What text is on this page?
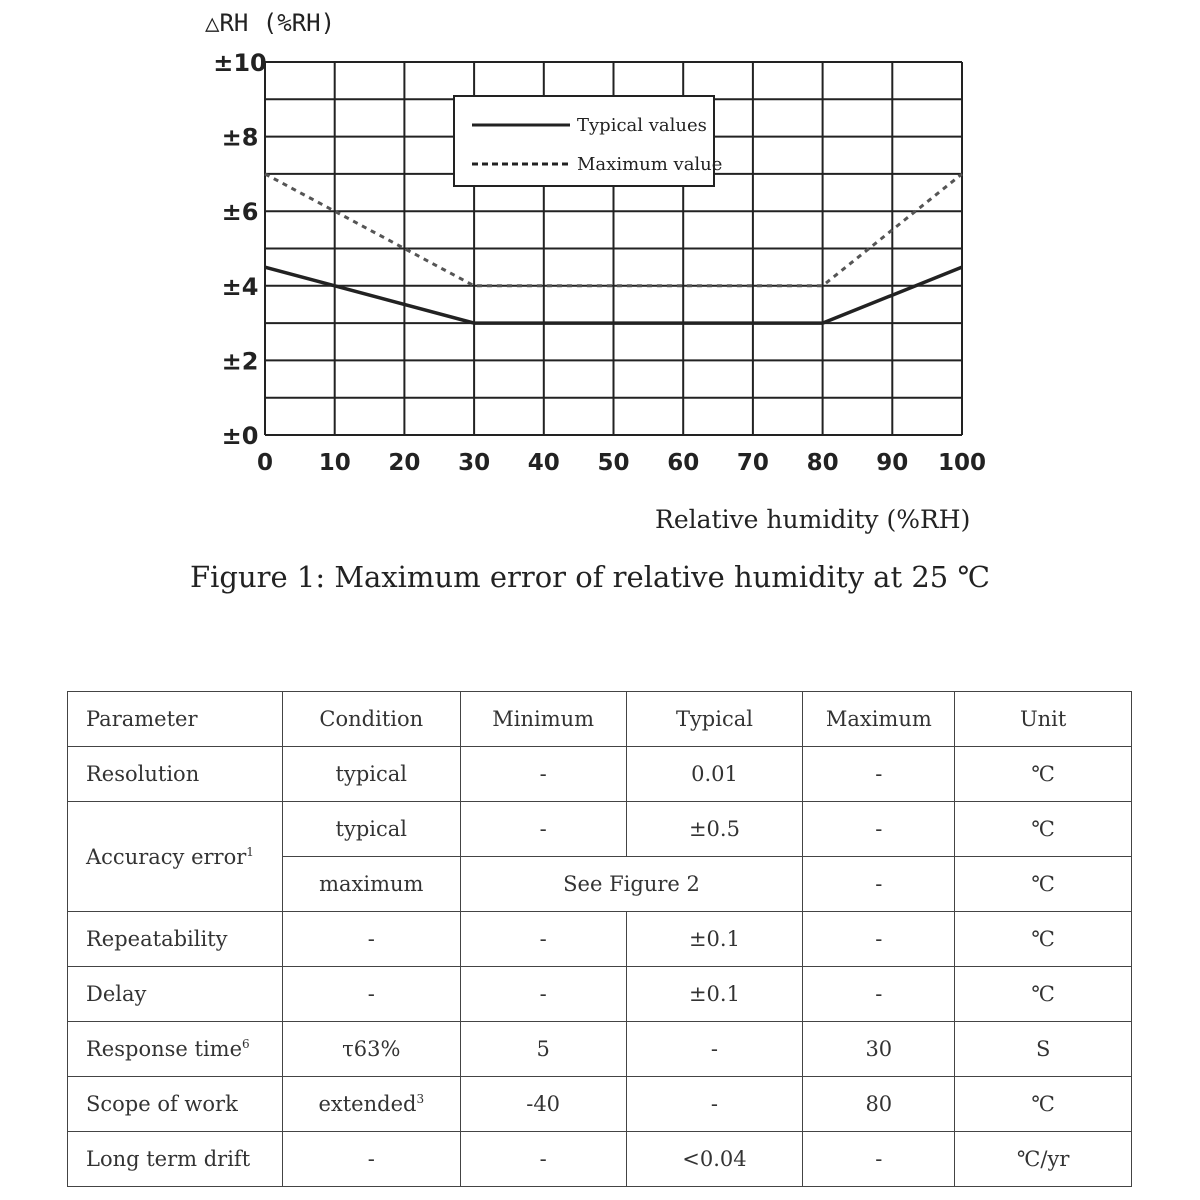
Typical values
Maximum value
△RH (%RH)
±0
±2
±4
±6
±8
±10
0 10 20 30 40 50 60 70 80 90 100
Relative humidity (%RH)
Figure 1: Maximum error of relative humidity at 25 ℃
Parameter	Condition	Minimum	Typical	Maximum	Unit
Resolution	typical	-	0.01	-	℃
Accuracy error$^1$	typical	-	±0.5	-	℃
	maximum	See Figure 2		-	℃
Repeatability	-	-	±0.1	-	℃
Delay	-	-	±0.1	-	℃
Response time$^6$	τ63%	5	-	30	S
Scope of work	extended$^3$	-40	-	80	℃
Long term drift	-	-	<0.04	-	℃/yr
